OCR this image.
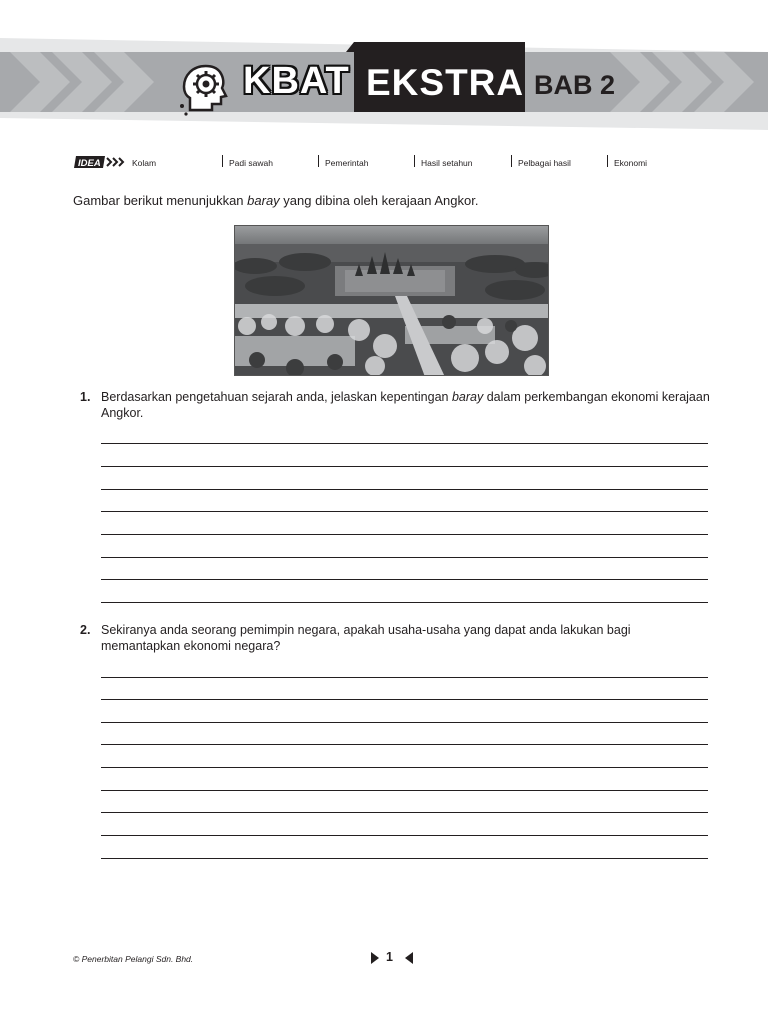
KBAT EKSTRA BAB 2
IDEA	Kolam	Padi sawah	Pemerintah	Hasil setahun	Pelbagai hasil	Ekonomi
Gambar berikut menunjukkan baray yang dibina oleh kerajaan Angkor.
1. Berdasarkan pengetahuan sejarah anda, jelaskan kepentingan baray dalam perkembangan ekonomi kerajaan Angkor.
2. Sekiranya anda seorang pemimpin negara, apakah usaha-usaha yang dapat anda lakukan bagi memantapkan ekonomi negara?
© Penerbitan Pelangi Sdn. Bhd.	1
